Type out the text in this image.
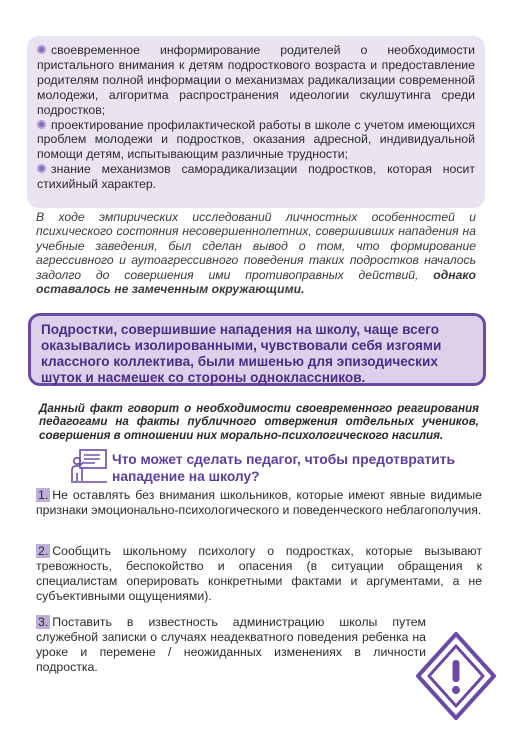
своевременное информирование родителей о необходимости пристального внимания к детям подросткового возраста и предоставление родителям полной информации о механизмах радикализации современной молодежи, алгоритма распространения идеологии скулшутинга среди подростков;
проектирование профилактической работы в школе с учетом имеющихся проблем молодежи и подростков, оказания адресной, индивидуальной помощи детям, испытывающим различные трудности;
знание механизмов саморадикализации подростков, которая носит стихийный характер.
В ходе эмпирических исследований личностных особенностей и психического состояния несовершеннолетних, совершивших нападения на учебные заведения, был сделан вывод о том, что формирование агрессивного и аутоагрессивного поведения таких подростков началось задолго до совершения ими противоправных действий, однако оставалось не замеченным окружающими.
Подростки, совершившие нападения на школу, чаще всего оказывались изолированными, чувствовали себя изгоями классного коллектива, были мишенью для эпизодических шуток и насмешек со стороны одноклассников.
Данный факт говорит о необходимости своевременного реагирования педагогами на факты публичного отвержения отдельных учеников, совершения в отношении них морально-психологического насилия.
Что может сделать педагог, чтобы предотвратить нападение на школу?
1. Не оставлять без внимания школьников, которые имеют явные видимые признаки эмоционально-психологического и поведенческого неблагополучия.
2. Сообщить школьному психологу о подростках, которые вызывают тревожность, беспокойство и опасения (в ситуации обращения к специалистам оперировать конкретными фактами и аргументами, а не субъективными ощущениями).
3. Поставить в известность администрацию школы путем служебной записки о случаях неадекватного поведения ребенка на уроке и перемене / неожиданных изменениях в личности подростка.
